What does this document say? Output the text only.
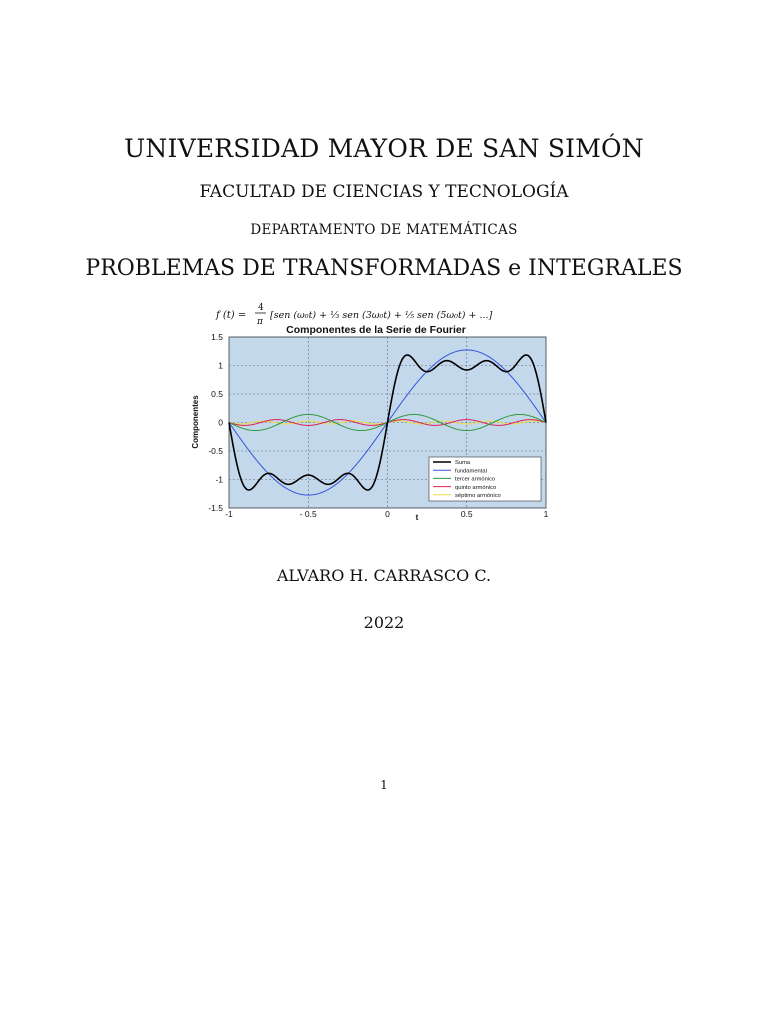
UNIVERSIDAD MAYOR DE SAN SIMÓN
FACULTAD DE CIENCIAS Y TECNOLOGÍA
DEPARTAMENTO DE MATEMÁTICAS
PROBLEMAS DE TRANSFORMADAS e INTEGRALES
f (t) =
4
π
[sen (ω₀t) + ⅓ sen (3ω₀t) + ⅕ sen (5ω₀t) + ...]
Componentes de la Serie de Fourier
1.5
1
0.5
0
-0.5
-1
-1.5
-1	- 0.5	0	0.5	1
Componentes
t
Suma
fundamental
tercer armónico
quinto armónico
séptimo armónico
ALVARO H. CARRASCO C.
2022
1
